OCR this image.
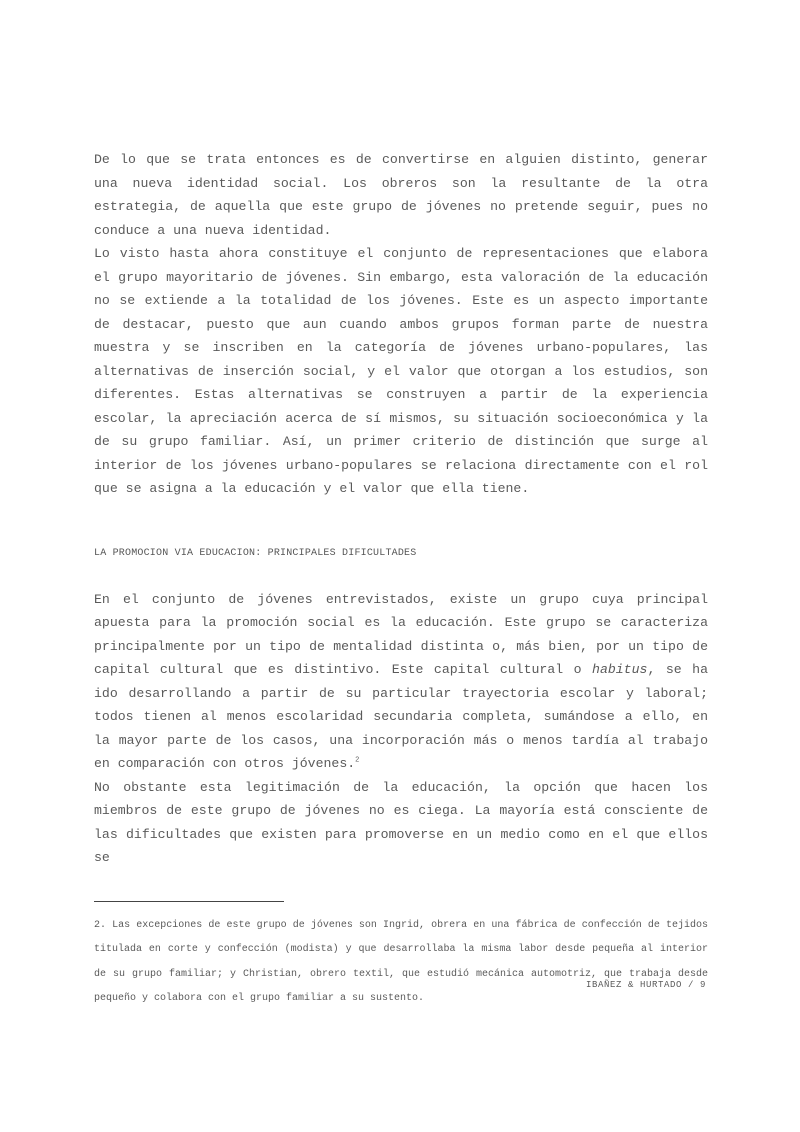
De lo que se trata entonces es de convertirse en alguien distinto, generar una nueva identidad social. Los obreros son la resultante de la otra estrategia, de aquella que este grupo de jóvenes no pretende seguir, pues no conduce a una nueva identidad.

Lo visto hasta ahora constituye el conjunto de representaciones que elabora el grupo mayoritario de jóvenes. Sin embargo, esta valoración de la educación no se extiende a la totalidad de los jóvenes. Este es un aspecto importante de destacar, puesto que aun cuando ambos grupos forman parte de nuestra muestra y se inscriben en la categoría de jóvenes urbano-populares, las alternativas de inserción social, y el valor que otorgan a los estudios, son diferentes. Estas alternativas se construyen a partir de la experiencia escolar, la apreciación acerca de sí mismos, su situación socioeconómica y la de su grupo familiar. Así, un primer criterio de distinción que surge al interior de los jóvenes urbano-populares se relaciona directamente con el rol que se asigna a la educación y el valor que ella tiene.

LA PROMOCION VIA EDUCACION: PRINCIPALES DIFICULTADES

En el conjunto de jóvenes entrevistados, existe un grupo cuya principal apuesta para la promoción social es la educación. Este grupo se caracteriza principalmente por un tipo de mentalidad distinta o, más bien, por un tipo de capital cultural que es distintivo. Este capital cultural o habitus, se ha ido desarrollando a partir de su particular trayectoria escolar y laboral; todos tienen al menos escolaridad secundaria completa, sumándose a ello, en la mayor parte de los casos, una incorporación más o menos tardía al trabajo en comparación con otros jóvenes.$^2$

No obstante esta legitimación de la educación, la opción que hacen los miembros de este grupo de jóvenes no es ciega. La mayoría está consciente de las dificultades que existen para promoverse en un medio como en el que ellos se

2. Las excepciones de este grupo de jóvenes son Ingrid, obrera en una fábrica de confección de tejidos titulada en corte y confección (modista) y que desarrollaba la misma labor desde pequeña al interior de su grupo familiar; y Christian, obrero textil, que estudió mecánica automotriz, que trabaja desde pequeño y colabora con el grupo familiar a su sustento.

IBAÑEZ & HURTADO / 9
